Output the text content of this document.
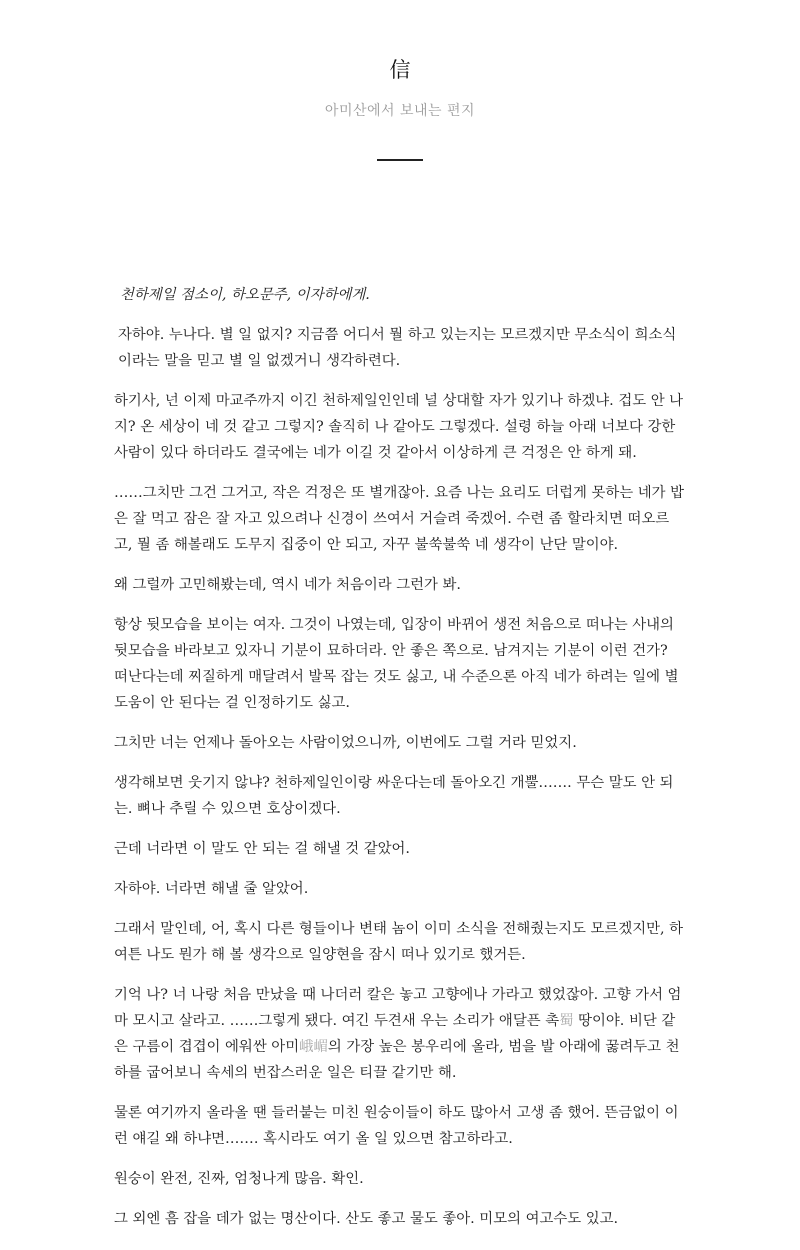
信
아미산에서 보내는 편지

천하제일 점소이, 하오문주, 이자하에게.

자하야. 누나다. 별 일 없지? 지금쯤 어디서 뭘 하고 있는지는 모르겠지만 무소식이 희소식이라는 말을 믿고 별 일 없겠거니 생각하련다.

하기사, 넌 이제 마교주까지 이긴 천하제일인인데 널 상대할 자가 있기나 하겠냐. 겁도 안 나지? 온 세상이 네 것 같고 그렇지? 솔직히 나 같아도 그렇겠다. 설령 하늘 아래 너보다 강한 사람이 있다 하더라도 결국에는 네가 이길 것 같아서 이상하게 큰 걱정은 안 하게 돼.

……그치만 그건 그거고, 작은 걱정은 또 별개잖아. 요즘 나는 요리도 더럽게 못하는 네가 밥은 잘 먹고 잠은 잘 자고 있으려나 신경이 쓰여서 거슬려 죽겠어. 수련 좀 할라치면 떠오르고, 뭘 좀 해볼래도 도무지 집중이 안 되고, 자꾸 불쑥불쑥 네 생각이 난단 말이야.

왜 그럴까 고민해봤는데, 역시 네가 처음이라 그런가 봐.

항상 뒷모습을 보이는 여자. 그것이 나였는데, 입장이 바뀌어 생전 처음으로 떠나는 사내의 뒷모습을 바라보고 있자니 기분이 묘하더라. 안 좋은 쪽으로. 남겨지는 기분이 이런 건가? 떠난다는데 찌질하게 매달려서 발목 잡는 것도 싫고, 내 수준으론 아직 네가 하려는 일에 별 도움이 안 된다는 걸 인정하기도 싫고.

그치만 너는 언제나 돌아오는 사람이었으니까, 이번에도 그럴 거라 믿었지.

생각해보면 웃기지 않냐? 천하제일인이랑 싸운다는데 돌아오긴 개뿔……. 무슨 말도 안 되는. 뼈나 추릴 수 있으면 호상이겠다.

근데 너라면 이 말도 안 되는 걸 해낼 것 같았어.

자하야. 너라면 해낼 줄 알았어.

그래서 말인데, 어, 혹시 다른 형들이나 변태 놈이 이미 소식을 전해줬는지도 모르겠지만, 하여튼 나도 뭔가 해 볼 생각으로 일양현을 잠시 떠나 있기로 했거든.

기억 나? 너 나랑 처음 만났을 때 나더러 칼은 놓고 고향에나 가라고 했었잖아. 고향 가서 엄마 모시고 살라고. ……그렇게 됐다. 여긴 두견새 우는 소리가 애달픈 촉蜀 땅이야. 비단 같은 구름이 겹겹이 에워싼 아미峨嵋의 가장 높은 봉우리에 올라, 범을 발 아래에 꿇려두고 천하를 굽어보니 속세의 번잡스러운 일은 티끌 같기만 해.

물론 여기까지 올라올 땐 들러붙는 미친 원숭이들이 하도 많아서 고생 좀 했어. 뜬금없이 이런 얘길 왜 하냐면……. 혹시라도 여기 올 일 있으면 참고하라고.

원숭이 완전, 진짜, 엄청나게 많음. 확인.

그 외엔 흠 잡을 데가 없는 명산이다. 산도 좋고 물도 좋아. 미모의 여고수도 있고.
